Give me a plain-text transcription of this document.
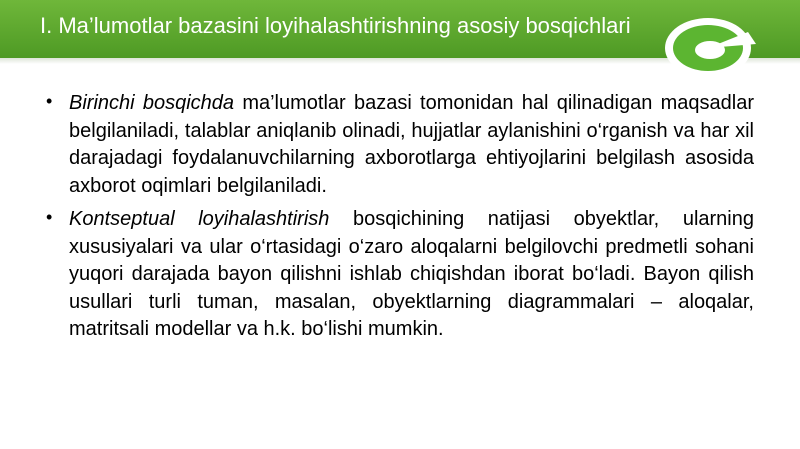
I. Ma’lumotlar bazasini loyihalashtirishning asosiy bosqichlari

• Birinchi bosqichda ma’lumotlar bazasi tomonidan hal qilinadigan maqsadlar belgilaniladi, talablar aniqlanib olinadi, hujjatlar aylanishini o‘rganish va har xil darajadagi foydalanuvchilarning axborotlarga ehtiyojlarini belgilash asosida axborot oqimlari belgilaniladi.

• Kontseptual loyihalashtirish bosqichining natijasi obyektlar, ularning xususiyalari va ular o‘rtasidagi o‘zaro aloqalarni belgilovchi predmetli sohani yuqori darajada bayon qilishni ishlab chiqishdan iborat bo‘ladi. Bayon qilish usullari turli tuman, masalan, obyektlarning diagrammalari – aloqalar, matritsali modellar va h.k. bo‘lishi mumkin.
